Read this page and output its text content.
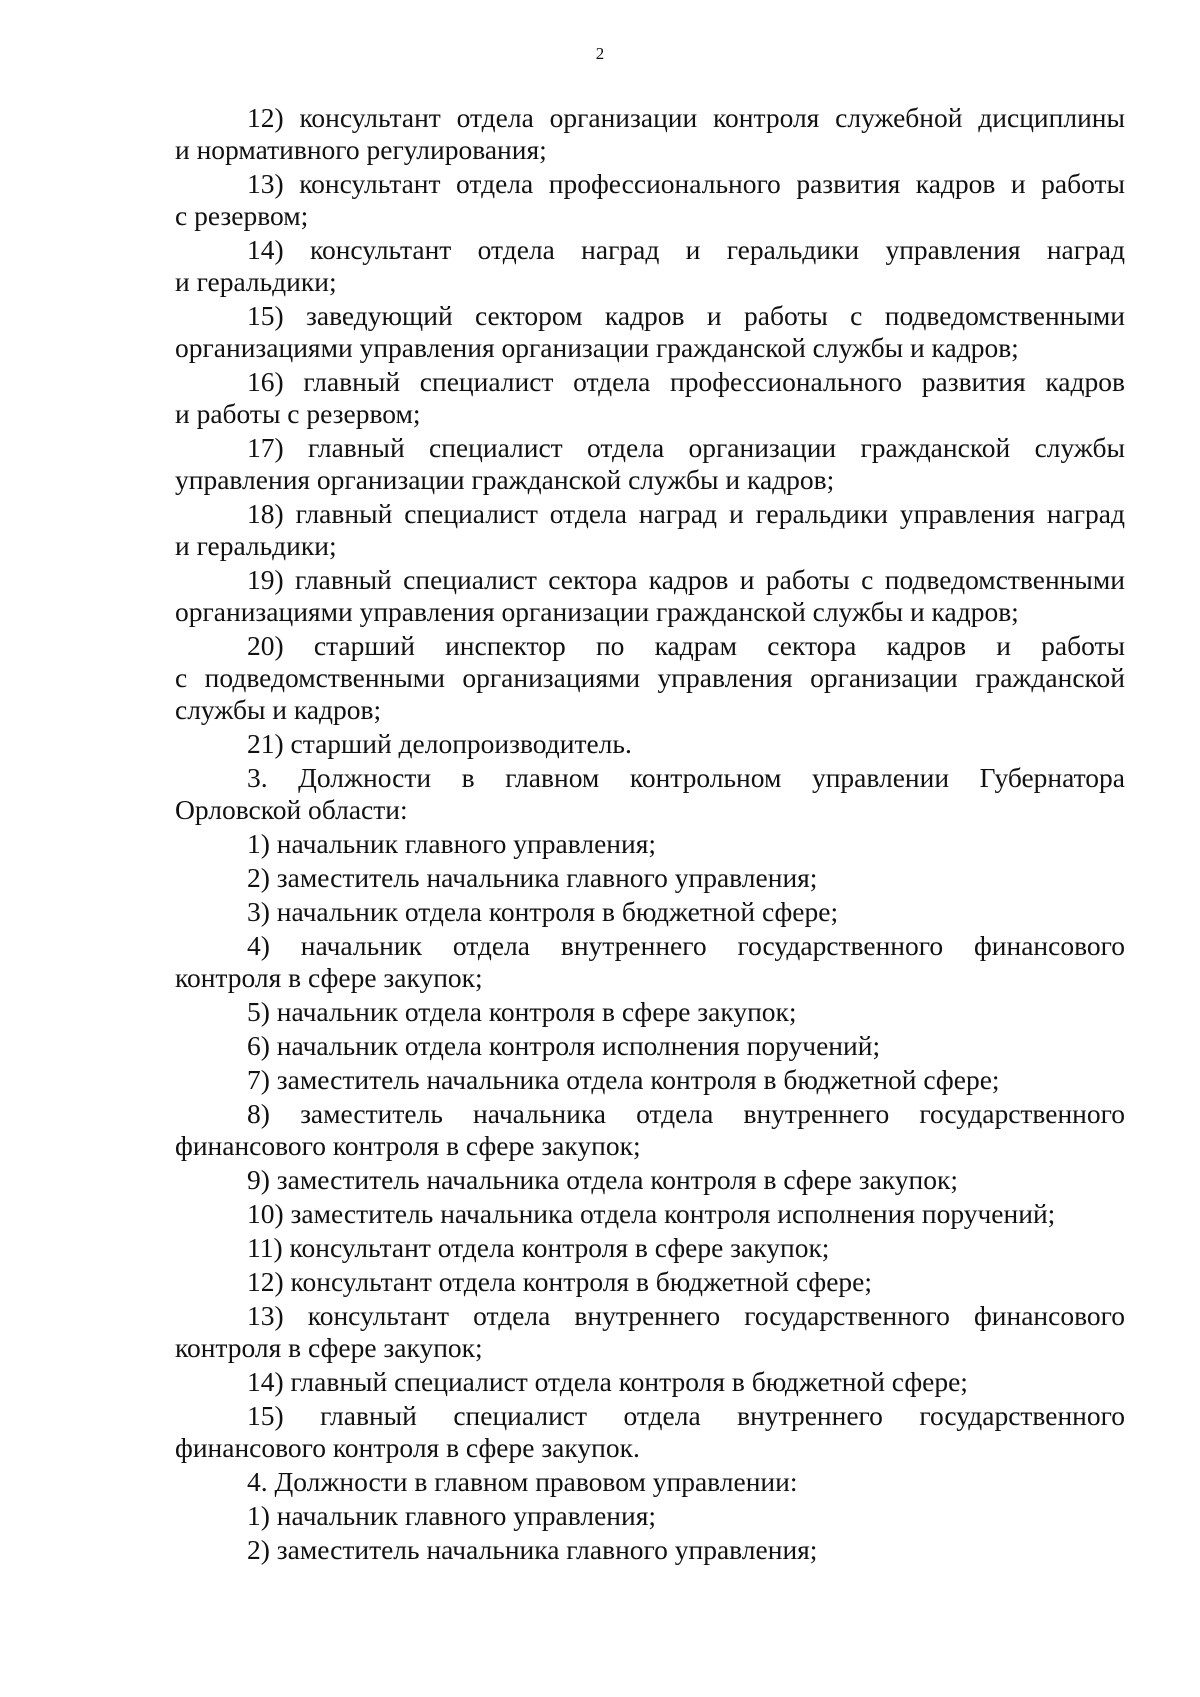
2

12) консультант отдела организации контроля служебной дисциплины

и нормативного регулирования;

13) консультант отдела профессионального развития кадров и работы

с резервом;

14) консультант отдела наград и геральдики управления наград

и геральдики;

15) заведующий сектором кадров и работы с подведомственными

организациями управления организации гражданской службы и кадров;

16) главный специалист отдела профессионального развития кадров

и работы с резервом;

17) главный специалист отдела организации гражданской службы

управления организации гражданской службы и кадров;

18) главный специалист отдела наград и геральдики управления наград

и геральдики;

19) главный специалист сектора кадров и работы с подведомственными

организациями управления организации гражданской службы и кадров;

20) старший инспектор по кадрам сектора кадров и работы

с подведомственными организациями управления организации гражданской

службы и кадров;

21) старший делопроизводитель.

3. Должности в главном контрольном управлении Губернатора

Орловской области:

1) начальник главного управления;

2) заместитель начальника главного управления;

3) начальник отдела контроля в бюджетной сфере;

4) начальник отдела внутреннего государственного финансового

контроля в сфере закупок;

5) начальник отдела контроля в сфере закупок;

6) начальник отдела контроля исполнения поручений;

7) заместитель начальника отдела контроля в бюджетной сфере;

8) заместитель начальника отдела внутреннего государственного

финансового контроля в сфере закупок;

9) заместитель начальника отдела контроля в сфере закупок;

10) заместитель начальника отдела контроля исполнения поручений;

11) консультант отдела контроля в сфере закупок;

12) консультант отдела контроля в бюджетной сфере;

13) консультант отдела внутреннего государственного финансового

контроля в сфере закупок;

14) главный специалист отдела контроля в бюджетной сфере;

15) главный специалист отдела внутреннего государственного

финансового контроля в сфере закупок.

4. Должности в главном правовом управлении:

1) начальник главного управления;

2) заместитель начальника главного управления;
